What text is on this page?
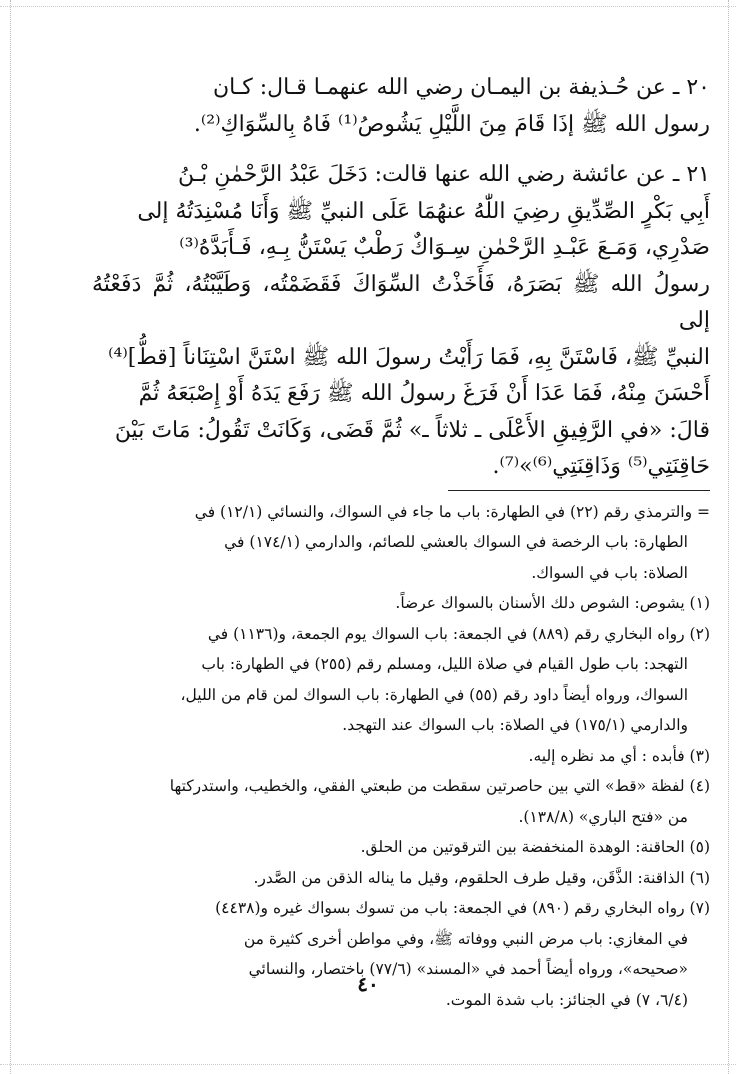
٢٠ ـ عن حُـذيفة بن اليمـان رضي الله عنهمـا قـال: كـان

رسول الله ﷺ إذَا قَامَ مِنَ اللَّيْلِ يَشُوصُ⁽¹⁾ فَاهُ بِالسِّوَاكِ⁽²⁾.

٢١ ـ عن عائشة رضي الله عنها قالت: دَخَلَ عَبْدُ الرَّحْمٰنِ بْـنُ

أَبِي بَكْرٍ الصِّدِّيقِ رضِيَ اللّٰهُ عنهُمَا عَلَى النبيِّ ﷺ وَأَنَا مُسْنِدَتُهُ إلى

صَدْرِي، وَمَـعَ عَبْـدِ الرَّحْمٰنِ سِـوَاكٌ رَطْبٌ يَسْتَنُّ بِـهِ، فَـأَبَدَّهُ⁽³⁾

رسولُ الله ﷺ بَصَرَهُ، فَأَخَذْتُ السِّوَاكَ فَقَضَمْتُه، وَطَيَّبْتُهُ، ثُمَّ دَفَعْتُهُ إلى

النبيِّ ﷺ، فَاسْتَنَّ بِهِ، فَمَا رَأَيْتُ رسولَ الله ﷺ اسْتَنَّ اسْتِنَاناً [قطُّ]⁽⁴⁾

أَحْسَنَ مِنْهُ، فَمَا عَدَا أَنْ فَرَغَ رسولُ الله ﷺ رَفَعَ يَدَهُ أَوْ إِصْبَعَهُ ثُمَّ

قالَ: «في الرَّفِيقِ الأَعْلَى ـ ثلاثاً ـ» ثُمَّ قَضَى، وَكَانَتْ تَقُولُ: مَاتَ بَيْنَ

حَاقِنَتِي⁽⁵⁾ وَذَاقِنَتِي⁽⁶⁾»⁽⁷⁾.

= والترمذي رقم (٢٢) في الطهارة: باب ما جاء في السواك، والنسائي (١٢/١) في

الطهارة: باب الرخصة في السواك بالعشي للصائم، والدارمي (١٧٤/١) في

الصلاة: باب في السواك.

(١) يشوص: الشوص دلك الأسنان بالسواك عرضاً.

(٢) رواه البخاري رقم (٨٨٩) في الجمعة: باب السواك يوم الجمعة، و(١١٣٦) في

التهجد: باب طول القيام في صلاة الليل، ومسلم رقم (٢٥٥) في الطهارة: باب

السواك، ورواه أيضاً داود رقم (٥٥) في الطهارة: باب السواك لمن قام من الليل،

والدارمي (١٧٥/١) في الصلاة: باب السواك عند التهجد.

(٣) فأبده : أي مد نظره إليه.

(٤) لفظة «قط» التي بين حاصرتين سقطت من طبعتي الفقي، والخطيب، واستدركتها

من «فتح الباري» (١٣٨/٨).

(٥) الحاقنة: الوهدة المنخفضة بين الترقوتين من الحلق.

(٦) الذاقنة: الذَّقَن، وقيل طرف الحلقوم، وقيل ما يناله الذقن من الصَّدر.

(٧) رواه البخاري رقم (٨٩٠) في الجمعة: باب من تسوك بسواك غيره و(٤٤٣٨)

في المغازي: باب مرض النبي ووفاته ﷺ، وفي مواطن أخرى كثيرة من

«صحيحه»، ورواه أيضاً أحمد في «المسند» (٧٧/٦) باختصار، والنسائي

(٦/٤، ٧) في الجنائز: باب شدة الموت.

٤٠
